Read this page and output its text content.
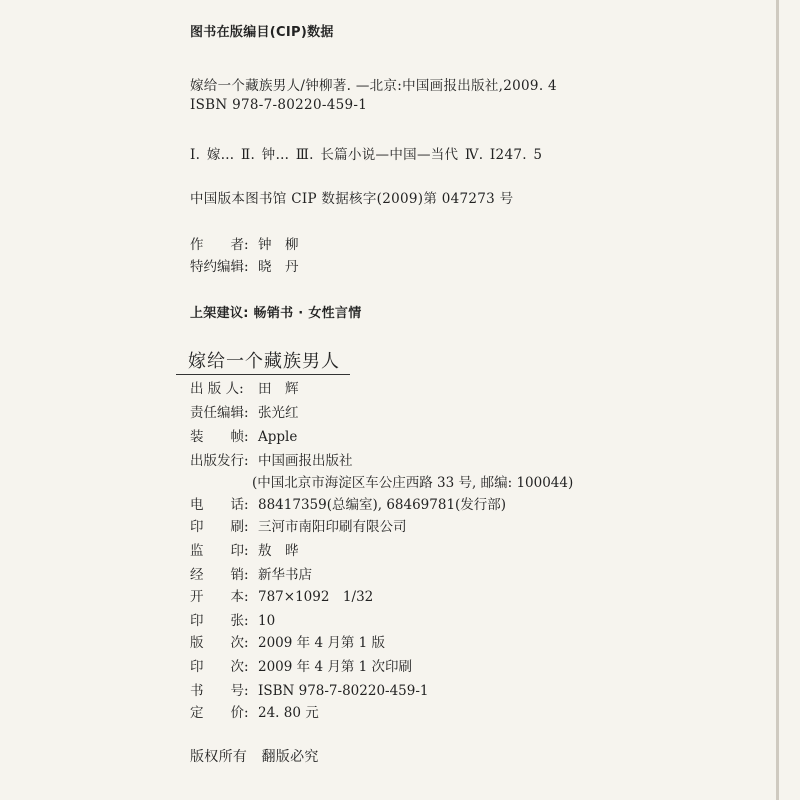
图书在版编目(CIP)数据
嫁给一个藏族男人/钟柳著. —北京:中国画报出版社,2009. 4
ISBN 978-7-80220-459-1
Ⅰ. 嫁… Ⅱ. 钟… Ⅲ. 长篇小说—中国—当代 Ⅳ. I247. 5
中国版本图书馆 CIP 数据核字(2009)第 047273 号
作　　者: 钟　柳
特约编辑: 晓　丹
上架建议: 畅销书 · 女性言情
嫁给一个藏族男人
出 版 人: 田　辉
责任编辑: 张光红
装　　帧: Apple
出版发行: 中国画报出版社
(中国北京市海淀区车公庄西路 33 号, 邮编: 100044)
电　　话: 88417359(总编室), 68469781(发行部)
印　　刷: 三河市南阳印刷有限公司
监　　印: 敖　晔
经　　销: 新华书店
开　　本: 787×1092　1/32
印　　张: 10
版　　次: 2009 年 4 月第 1 版
印　　次: 2009 年 4 月第 1 次印刷
书　　号: ISBN 978-7-80220-459-1
定　　价: 24. 80 元
版权所有　翻版必究
